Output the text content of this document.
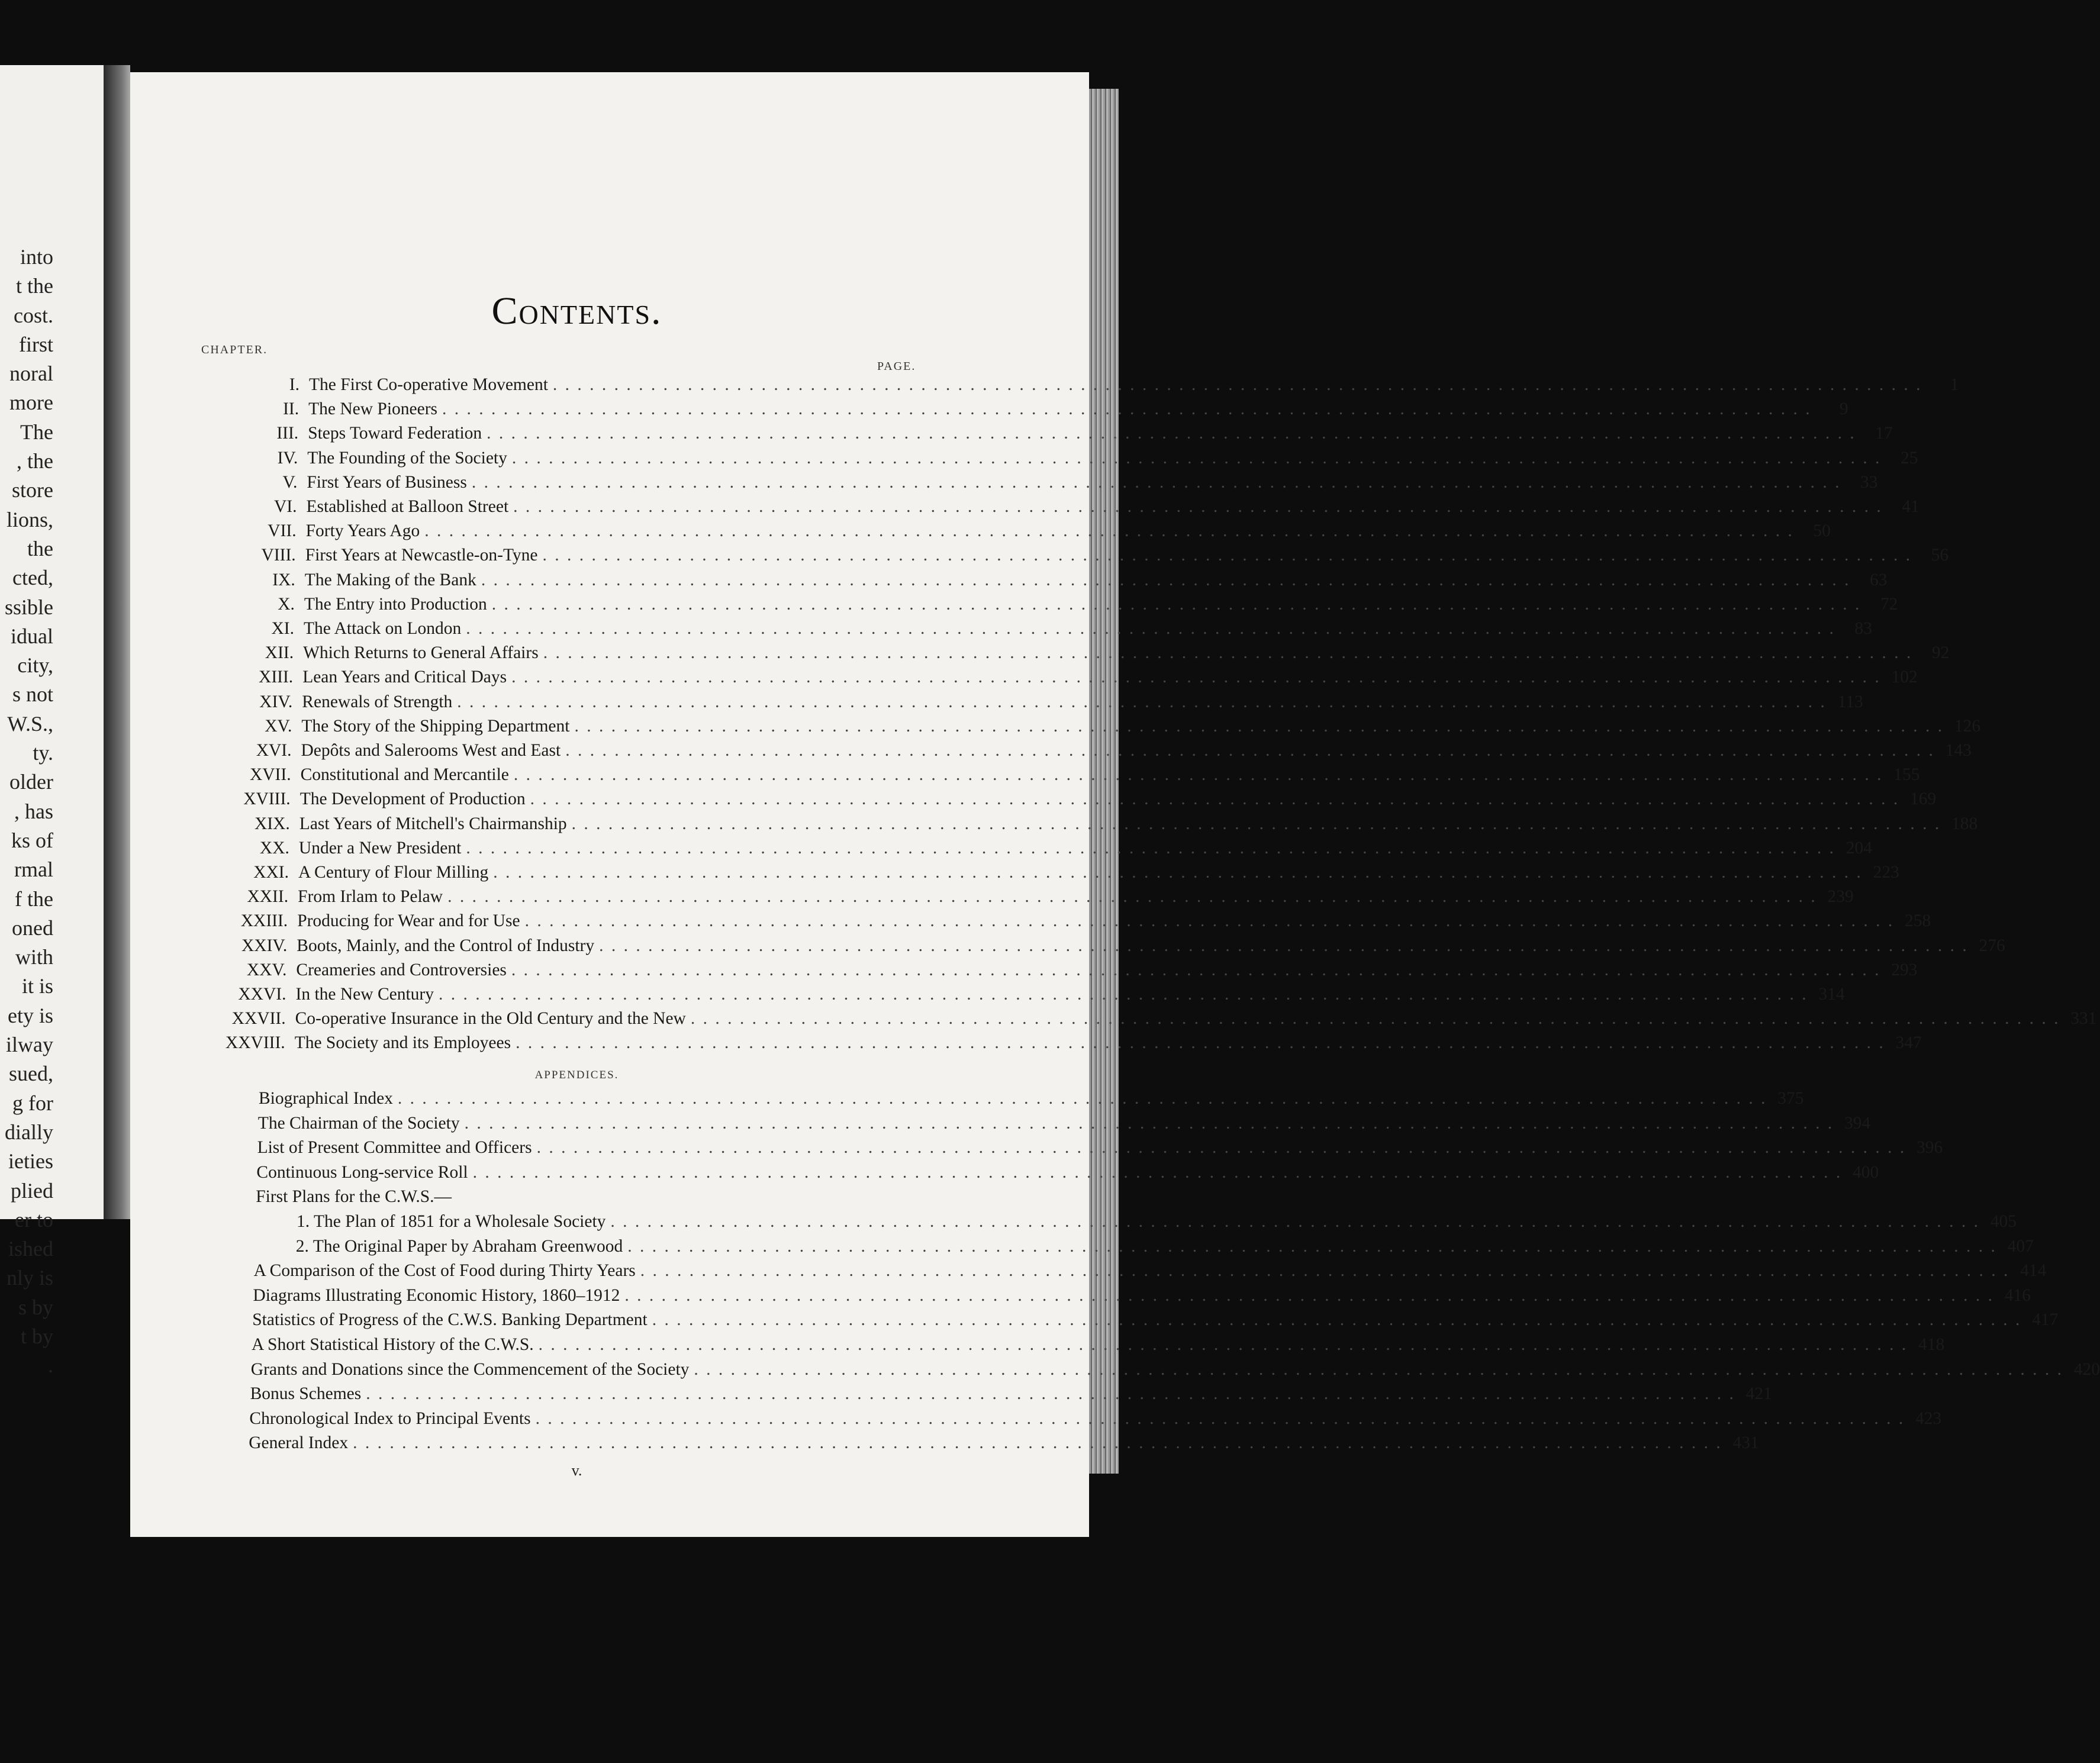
into
t the
cost.
first
noral
more
The
, the
store
lions,
the
cted,
ssible
idual
city,
s not
W.S.,
ty.
older
, has
ks of
rmal
f the
oned
with
it is
ety is
ilway
sued,
g for
dially
ieties
plied
er to
ished
nly is
s by
t by
.
Contents.
CHAPTER.
PAGE.
I. The First Co-operative Movement . . .	1
II. The New Pioneers . . .	9
III. Steps Toward Federation . . .	17
IV. The Founding of the Society . . .	25
V. First Years of Business . . .	33
VI. Established at Balloon Street . . .	41
VII. Forty Years Ago . . .	50
VIII. First Years at Newcastle-on-Tyne . . .	56
IX. The Making of the Bank . . .	63
X. The Entry into Production . . .	72
XI. The Attack on London . . .	83
XII. Which Returns to General Affairs . . .	92
XIII. Lean Years and Critical Days . . .	102
XIV. Renewals of Strength . . .	113
XV. The Story of the Shipping Department . . .	126
XVI. Depôts and Salerooms West and East . . .	143
XVII. Constitutional and Mercantile . . .	155
XVIII. The Development of Production . . .	169
XIX. Last Years of Mitchell's Chairmanship . . .	188
XX. Under a New President . . .	204
XXI. A Century of Flour Milling . . .	223
XXII. From Irlam to Pelaw . . .	239
XXIII. Producing for Wear and for Use . . .	258
XXIV. Boots, Mainly, and the Control of Industry . . .	276
XXV. Creameries and Controversies . . .	293
XXVI. In the New Century . . .	314
XXVII. Co-operative Insurance in the Old Century and the New . . .	331
XXVIII. The Society and its Employees . . .	347
APPENDICES.
Biographical Index . . .	375
The Chairman of the Society . . .	394
List of Present Committee and Officers . . .	396
Continuous Long-service Roll . . .	400
First Plans for the C.W.S.—
1. The Plan of 1851 for a Wholesale Society . . .	405
2. The Original Paper by Abraham Greenwood . . .	407
A Comparison of the Cost of Food during Thirty Years . . .	414
Diagrams Illustrating Economic History, 1860–1912 . . .	416
Statistics of Progress of the C.W.S. Banking Department . . .	417
A Short Statistical History of the C.W.S. . . .	418
Grants and Donations since the Commencement of the Society . . .	420
Bonus Schemes . . .	421
Chronological Index to Principal Events . . .	423
General Index . . .	431
v.
